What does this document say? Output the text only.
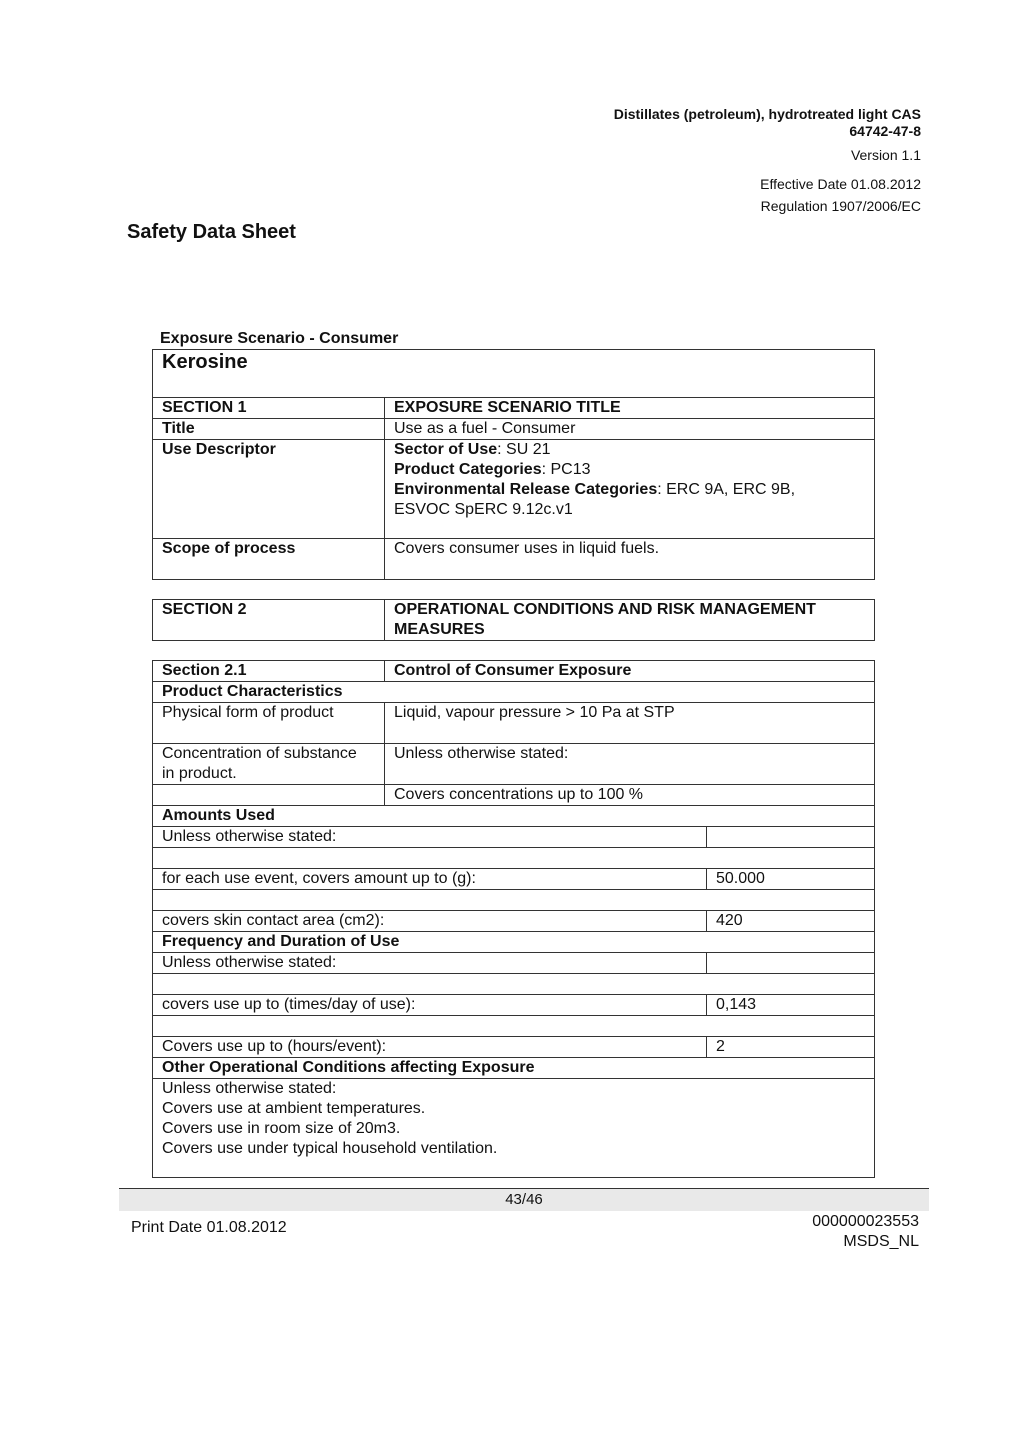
Distillates (petroleum), hydrotreated light CAS
64742-47-8
Version 1.1
Effective Date 01.08.2012
Regulation 1907/2006/EC
Safety Data Sheet
Exposure Scenario - Consumer
Kerosine	
SECTION 1	EXPOSURE SCENARIO TITLE
Title	Use as a fuel - Consumer
Use Descriptor	Sector of Use: SU 21
Product Categories: PC13
Environmental Release Categories: ERC 9A, ERC 9B,
ESVOC SpERC 9.12c.v1

Scope of process	Covers consumer uses in liquid fuels.
SECTION 2	OPERATIONAL CONDITIONS AND RISK MANAGEMENT
MEASURES
Section 2.1	Control of Consumer Exposure	
Product Characteristics		
Physical form of product	Liquid, vapour pressure > 10 Pa at STP	

Concentration of substance
in product.	Unless otherwise stated:	
	Covers concentrations up to 100 %	
Amounts Used		
Unless otherwise stated:		

for each use event, covers amount up to (g):		50.000

covers skin contact area (cm2):		420
Frequency and Duration of Use		
Unless otherwise stated:		

covers use up to (times/day of use):		0,143

Covers use up to (hours/event):		2
Other Operational Conditions affecting Exposure		

Unless otherwise stated:
Covers use at ambient temperatures.
Covers use in room size of 20m3.
Covers use under typical household ventilation.		
43/46
Print Date 01.08.2012	000000023553
MSDS_NL
